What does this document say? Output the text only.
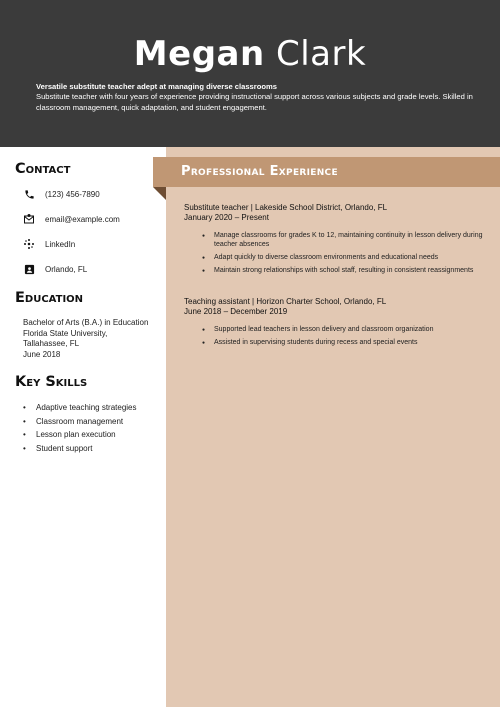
Megan Clark
Versatile substitute teacher adept at managing diverse classrooms
Substitute teacher with four years of experience providing instructional support across various subjects and grade levels. Skilled in classroom management, quick adaptation, and student engagement.
Professional Experience
Contact
(123) 456-7890
email@example.com
LinkedIn
Orlando, FL
Education
Bachelor of Arts (B.A.) in Education
Florida State University,
Tallahassee, FL
June 2018
Key Skills
• Adaptive teaching strategies
• Classroom management
• Lesson plan execution
• Student support
Substitute teacher | Lakeside School District, Orlando, FL
January 2020 – Present
● Manage classrooms for grades K to 12, maintaining continuity in lesson delivery during teacher absences
● Adapt quickly to diverse classroom environments and educational needs
● Maintain strong relationships with school staff, resulting in consistent reassignments
Teaching assistant | Horizon Charter School, Orlando, FL
June 2018 – December 2019
● Supported lead teachers in lesson delivery and classroom organization
● Assisted in supervising students during recess and special events
